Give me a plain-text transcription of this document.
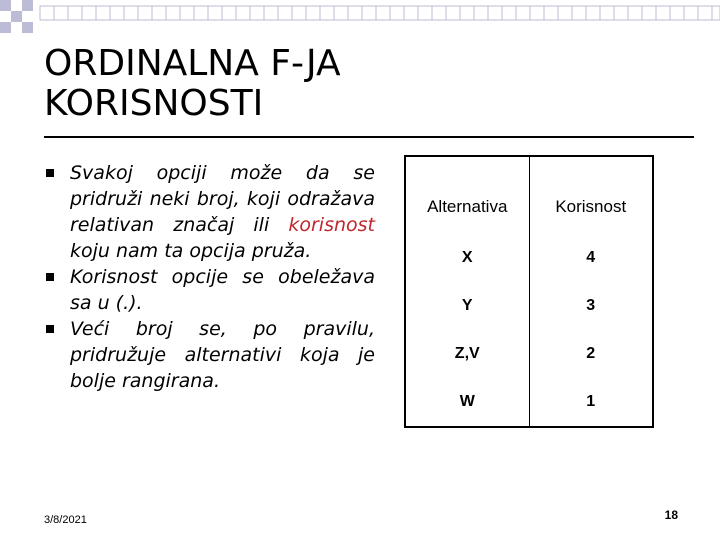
ORDINALNA F-JA
KORISNOSTI
Svakoj opciji može da se pridruži neki broj, koji odražava relativan značaj ili korisnost koju nam ta opcija pruža.
Korisnost opcije se obeležava sa u (.).
Veći broj se, po pravilu, pridružuje alternativi koja je bolje rangirana.
Alternativa	Korisnost
X	4
Y	3
Z,V	2
W	1
3/8/2021	18
